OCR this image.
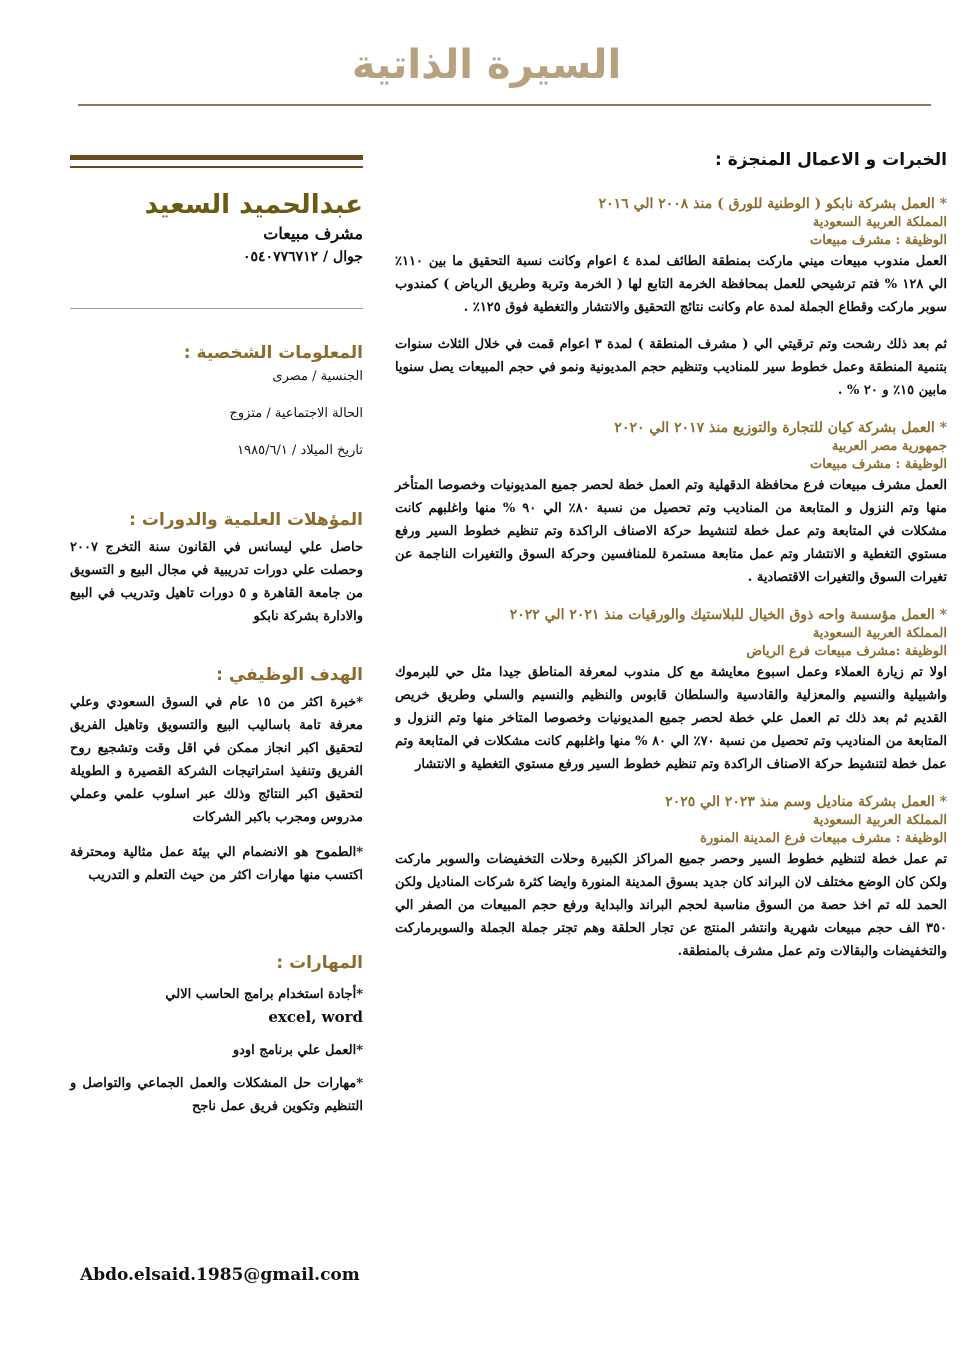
السيرة الذاتية
عبدالحميد السعيد
مشرف مبيعات
جوال / ٠٥٤٠٧٧٦٧١٢
المعلومات الشخصية :
الجنسية / مصرى
الحالة الاجتماعية / متزوج
تاريخ الميلاد / ١٩٨٥/٦/١
المؤهلات العلمية والدورات :
حاصل علي ليسانس في القانون سنة التخرج ٢٠٠٧ وحصلت علي دورات تدريبية في مجال البيع و التسويق من جامعة القاهرة و ٥ دورات تاهيل وتدريب في البيع والادارة بشركة نابكو
الهدف الوظيفي :
*خبرة اكثر من ١٥ عام في السوق السعودي وعلي معرفة تامة باساليب البيع والتسويق وتاهيل الفريق لتحقيق اكبر انجاز ممكن في اقل وقت وتشجيع روح الفريق وتنفيذ استراتيجات الشركة القصيرة و الطويلة لتحقيق اكبر النتائج وذلك عبر اسلوب علمي وعملي مدروس ومجرب باكبر الشركات
*الطموح هو الانضمام الي بيئة عمل مثالية ومحترفة اكتسب منها مهارات اكثر من حيث التعلم و التدريب
المهارات :
*أجادة استخدام برامج الحاسب الالي
excel, word
*العمل علي برنامج اودو
*مهارات حل المشكلات والعمل الجماعي والتواصل و التنظيم وتكوين فريق عمل ناجح
Abdo.elsaid.1985@gmail.com
الخبرات و الاعمال المنجزة :
* العمل بشركة نابكو ( الوطنية للورق ) منذ ٢٠٠٨ الي ٢٠١٦
المملكة العربية السعودية
الوظيفة : مشرف مبيعات
العمل مندوب مبيعات ميني ماركت بمنطقة الطائف لمدة ٤ اعوام وكانت نسبة التحقيق ما بين ١١٠٪ الي ١٢٨ % فتم ترشيحي للعمل بمحافظة الخرمة التابع لها ( الخرمة وتربة وطريق الرياض ) كمندوب سوبر ماركت وقطاع الجملة لمدة عام وكانت نتائج التحقيق والانتشار والتغطية فوق ١٢٥٪ .
ثم بعد ذلك رشحت وتم ترقيتي الي ( مشرف المنطقة ) لمدة ٣ اعوام قمت في خلال الثلاث سنوات بتنمية المنطقة وعمل خطوط سير للمناديب وتنظيم حجم المديونية ونمو في حجم المبيعات يصل سنويا مابين ١٥٪ و ٢٠ % .
* العمل بشركة كيان للتجارة والتوزيع منذ ٢٠١٧ الي ٢٠٢٠
جمهورية مصر العربية
الوظيفة : مشرف مبيعات
العمل مشرف مبيعات فرع محافظة الدقهلية وتم العمل خطة لحصر جميع المديونيات وخصوصا المتأخر منها وتم النزول و المتابعة من المناديب وتم تحصيل من نسبة ٨٠٪ الي ٩٠ % منها واغلبهم كانت مشكلات في المتابعة وتم عمل خطة لتنشيط حركة الاصناف الراكدة وتم تنظيم خطوط السير ورفع مستوي التغطية و الانتشار وتم عمل متابعة مستمرة للمنافسين وحركة السوق والتغيرات الناجمة عن تغيرات السوق والتغيرات الاقتصادية .
* العمل مؤسسة واحه ذوق الخيال للبلاستيك والورقيات منذ ٢٠٢١ الي ٢٠٢٢
المملكة العربية السعودية
الوظيفة :مشرف مبيعات فرع الرياض
اولا تم زيارة العملاء وعمل اسبوع معايشة مع كل مندوب لمعرفة المناطق جيدا مثل حي للبرموك واشبيلية والنسيم والمعزلية والقادسية والسلطان قابوس والنظيم والنسيم والسلي وطريق خريص القديم ثم بعد ذلك تم العمل علي خطة لحصر جميع المديونيات وخصوصا المتاخر منها وتم النزول و المتابعة من المناديب وتم تحصيل من نسبة ٧٠٪ الي ٨٠ % منها واغلبهم كانت مشكلات في المتابعة وتم عمل خطة لتنشيط حركة الاصناف الراكدة وتم تنظيم خطوط السير ورفع مستوي التغطية و الانتشار
* العمل بشركة مناديل وسم منذ ٢٠٢٣ الي ٢٠٢٥
المملكة العربية السعودية
الوظيفة : مشرف مبيعات فرع المدينة المنورة
تم عمل خطة لتنظيم خطوط السير وحصر جميع المراكز الكبيرة وحلات التخفيضات والسوبر ماركت ولكن كان الوضع مختلف لان البراند كان جديد بسوق المدينة المنورة وايضا كثرة شركات المناديل ولكن الحمد لله تم اخذ حصة من السوق مناسبة لحجم البراند والبداية ورفع حجم المبيعات من الصفر الي ٣٥٠ الف حجم مبيعات شهرية وانتشر المنتج عن تجار الحلقة وهم تجتر جملة الجملة والسوبرماركت والتخفيضات والبقالات وتم عمل مشرف بالمنطقة.
